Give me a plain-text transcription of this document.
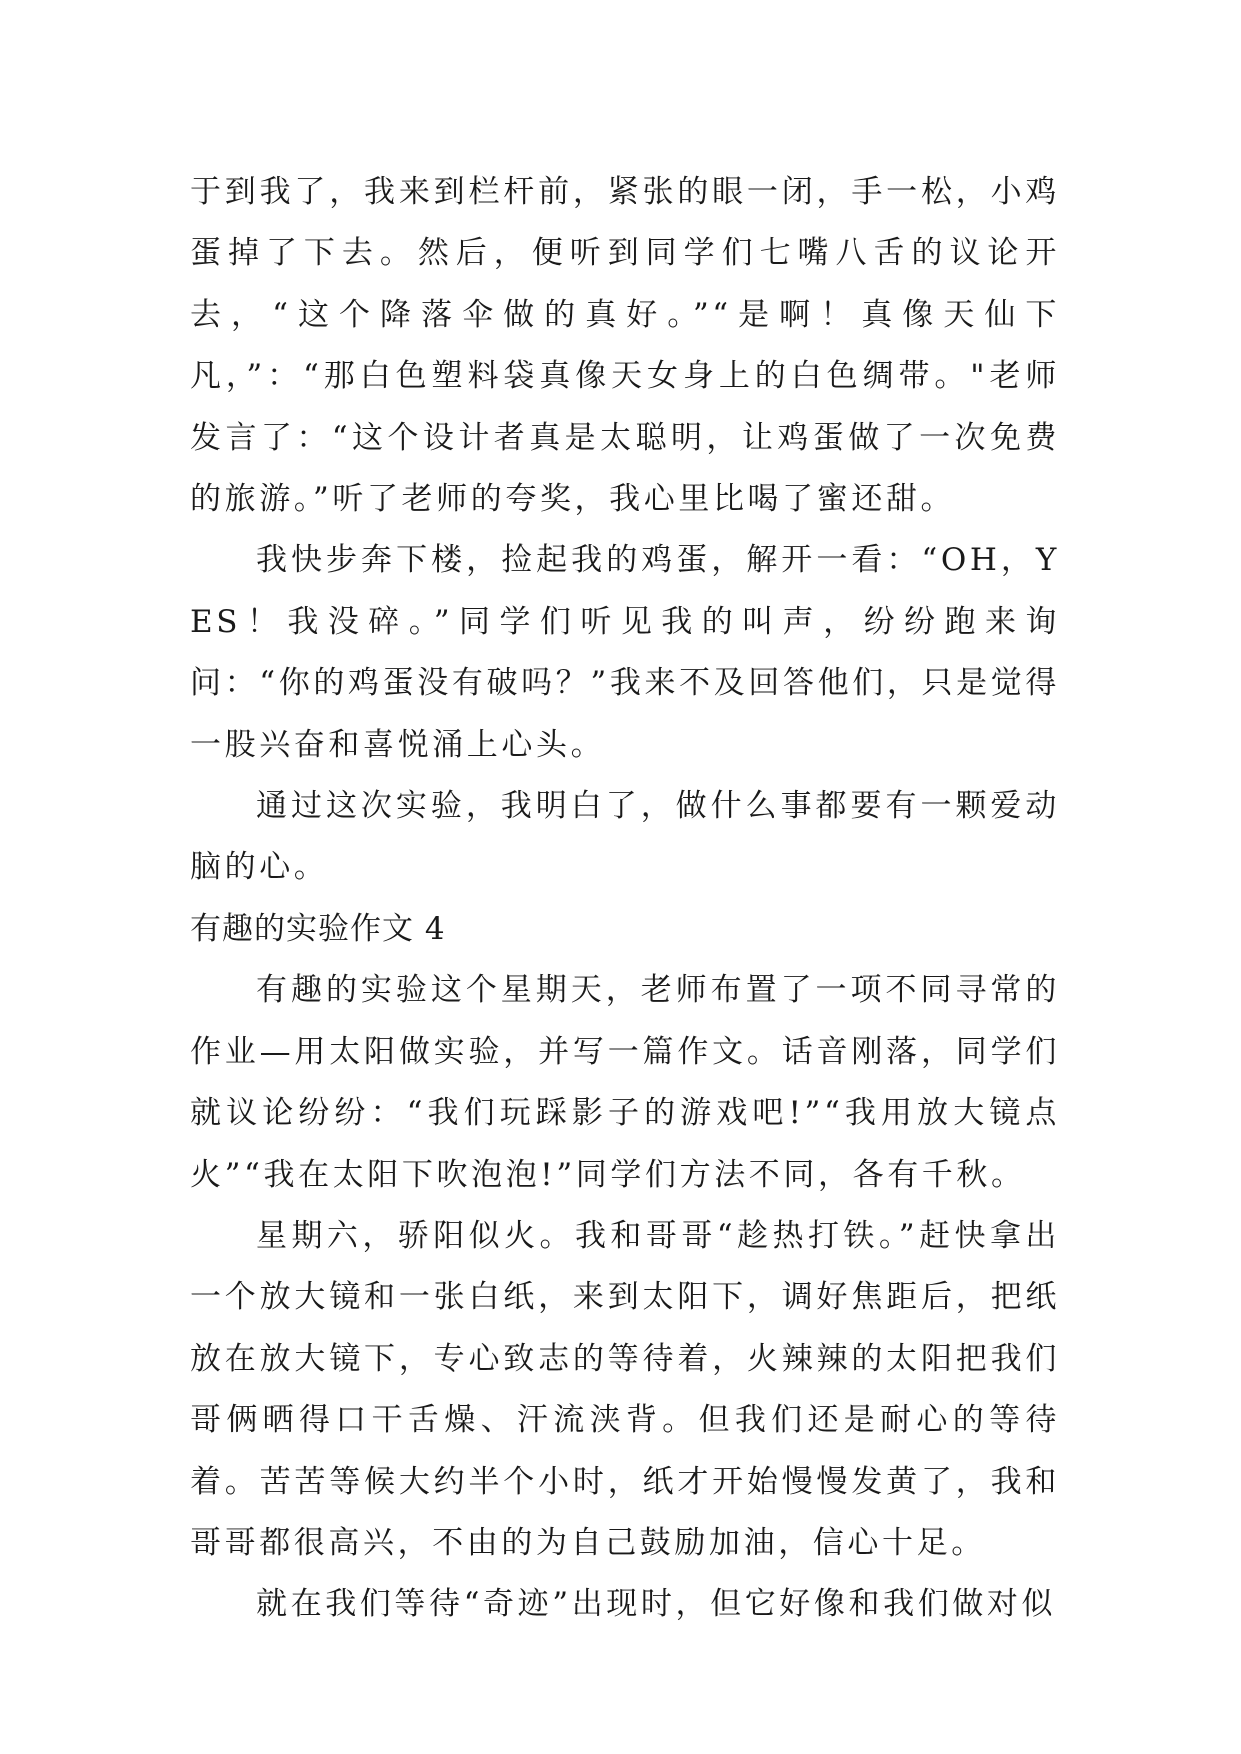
于到我了，我来到栏杆前，紧张的眼一闭，手一松，小鸡蛋掉了下去。然后，便听到同学们七嘴八舌的议论开去，“这个降落伞做的真好。”“是啊！真像天仙下凡，”：“那白色塑料袋真像天女身上的白色绸带。"老师发言了：“这个设计者真是太聪明，让鸡蛋做了一次免费的旅游。”听了老师的夸奖，我心里比喝了蜜还甜。

我快步奔下楼，捡起我的鸡蛋，解开一看：“OH，YES！我没碎。”同学们听见我的叫声，纷纷跑来询问：“你的鸡蛋没有破吗？”我来不及回答他们，只是觉得一股兴奋和喜悦涌上心头。

通过这次实验，我明白了，做什么事都要有一颗爱动脑的心。

有趣的实验作文 4

有趣的实验这个星期天，老师布置了一项不同寻常的作业—用太阳做实验，并写一篇作文。话音刚落，同学们就议论纷纷：“我们玩踩影子的游戏吧!”“我用放大镜点火”“我在太阳下吹泡泡!”同学们方法不同，各有千秋。

星期六，骄阳似火。我和哥哥“趁热打铁。”赶快拿出一个放大镜和一张白纸，来到太阳下，调好焦距后，把纸放在放大镜下，专心致志的等待着，火辣辣的太阳把我们哥俩晒得口干舌燥、汗流浃背。但我们还是耐心的等待着。苦苦等候大约半个小时，纸才开始慢慢发黄了，我和哥哥都很高兴，不由的为自己鼓励加油，信心十足。

就在我们等待“奇迹”出现时，但它好像和我们做对似
